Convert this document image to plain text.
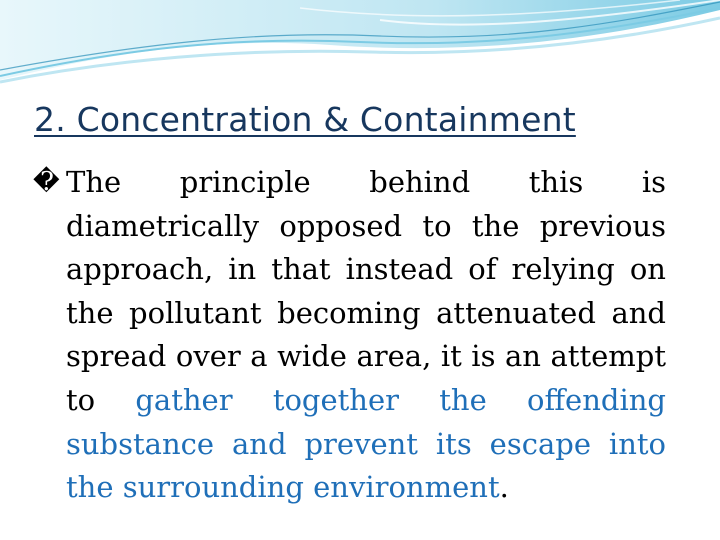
2. Concentration & Containment

� The principle behind this is diametrically opposed to the previous approach, in that instead of relying on the pollutant becoming attenuated and spread over a wide area, it is an attempt to gather together the offending substance and prevent its escape into the surrounding environment.
